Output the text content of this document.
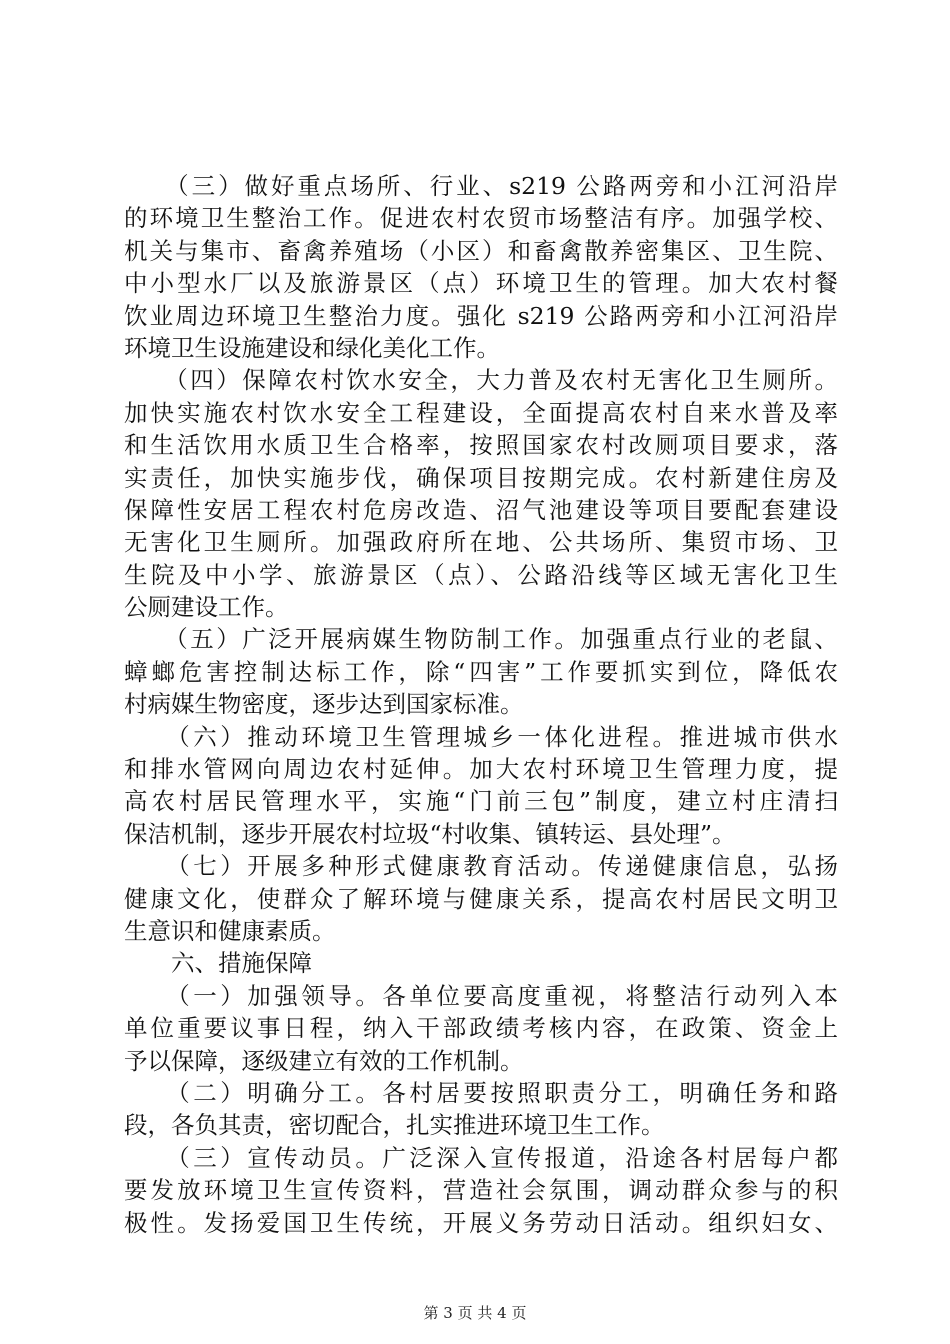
　　（三）做好重点场所、行业、s219 公路两旁和小江河沿岸
的环境卫生整治工作。促进农村农贸市场整洁有序。加强学校、
机关与集市、畜禽养殖场（小区）和畜禽散养密集区、卫生院、
中小型水厂以及旅游景区（点）环境卫生的管理。加大农村餐
饮业周边环境卫生整治力度。强化 s219 公路两旁和小江河沿岸
环境卫生设施建设和绿化美化工作。
　　（四）保障农村饮水安全，大力普及农村无害化卫生厕所。
加快实施农村饮水安全工程建设，全面提高农村自来水普及率
和生活饮用水质卫生合格率，按照国家农村改厕项目要求，落
实责任，加快实施步伐，确保项目按期完成。农村新建住房及
保障性安居工程农村危房改造、沼气池建设等项目要配套建设
无害化卫生厕所。加强政府所在地、公共场所、集贸市场、卫
生院及中小学、旅游景区（点）、公路沿线等区域无害化卫生
公厕建设工作。
　　（五）广泛开展病媒生物防制工作。加强重点行业的老鼠、
蟑螂危害控制达标工作，除“四害”工作要抓实到位，降低农
村病媒生物密度，逐步达到国家标准。
　　（六）推动环境卫生管理城乡一体化进程。推进城市供水
和排水管网向周边农村延伸。加大农村环境卫生管理力度，提
高农村居民管理水平，实施“门前三包”制度，建立村庄清扫
保洁机制，逐步开展农村垃圾“村收集、镇转运、县处理”。
　　（七）开展多种形式健康教育活动。传递健康信息，弘扬
健康文化，使群众了解环境与健康关系，提高农村居民文明卫
生意识和健康素质。
　　六、措施保障
　　（一）加强领导。各单位要高度重视，将整洁行动列入本
单位重要议事日程，纳入干部政绩考核内容，在政策、资金上
予以保障，逐级建立有效的工作机制。
　　（二）明确分工。各村居要按照职责分工，明确任务和路
段，各负其责，密切配合，扎实推进环境卫生工作。
　　（三）宣传动员。广泛深入宣传报道，沿途各村居每户都
要发放环境卫生宣传资料，营造社会氛围，调动群众参与的积
极性。发扬爱国卫生传统，开展义务劳动日活动。组织妇女、
第 3 页 共 4 页
